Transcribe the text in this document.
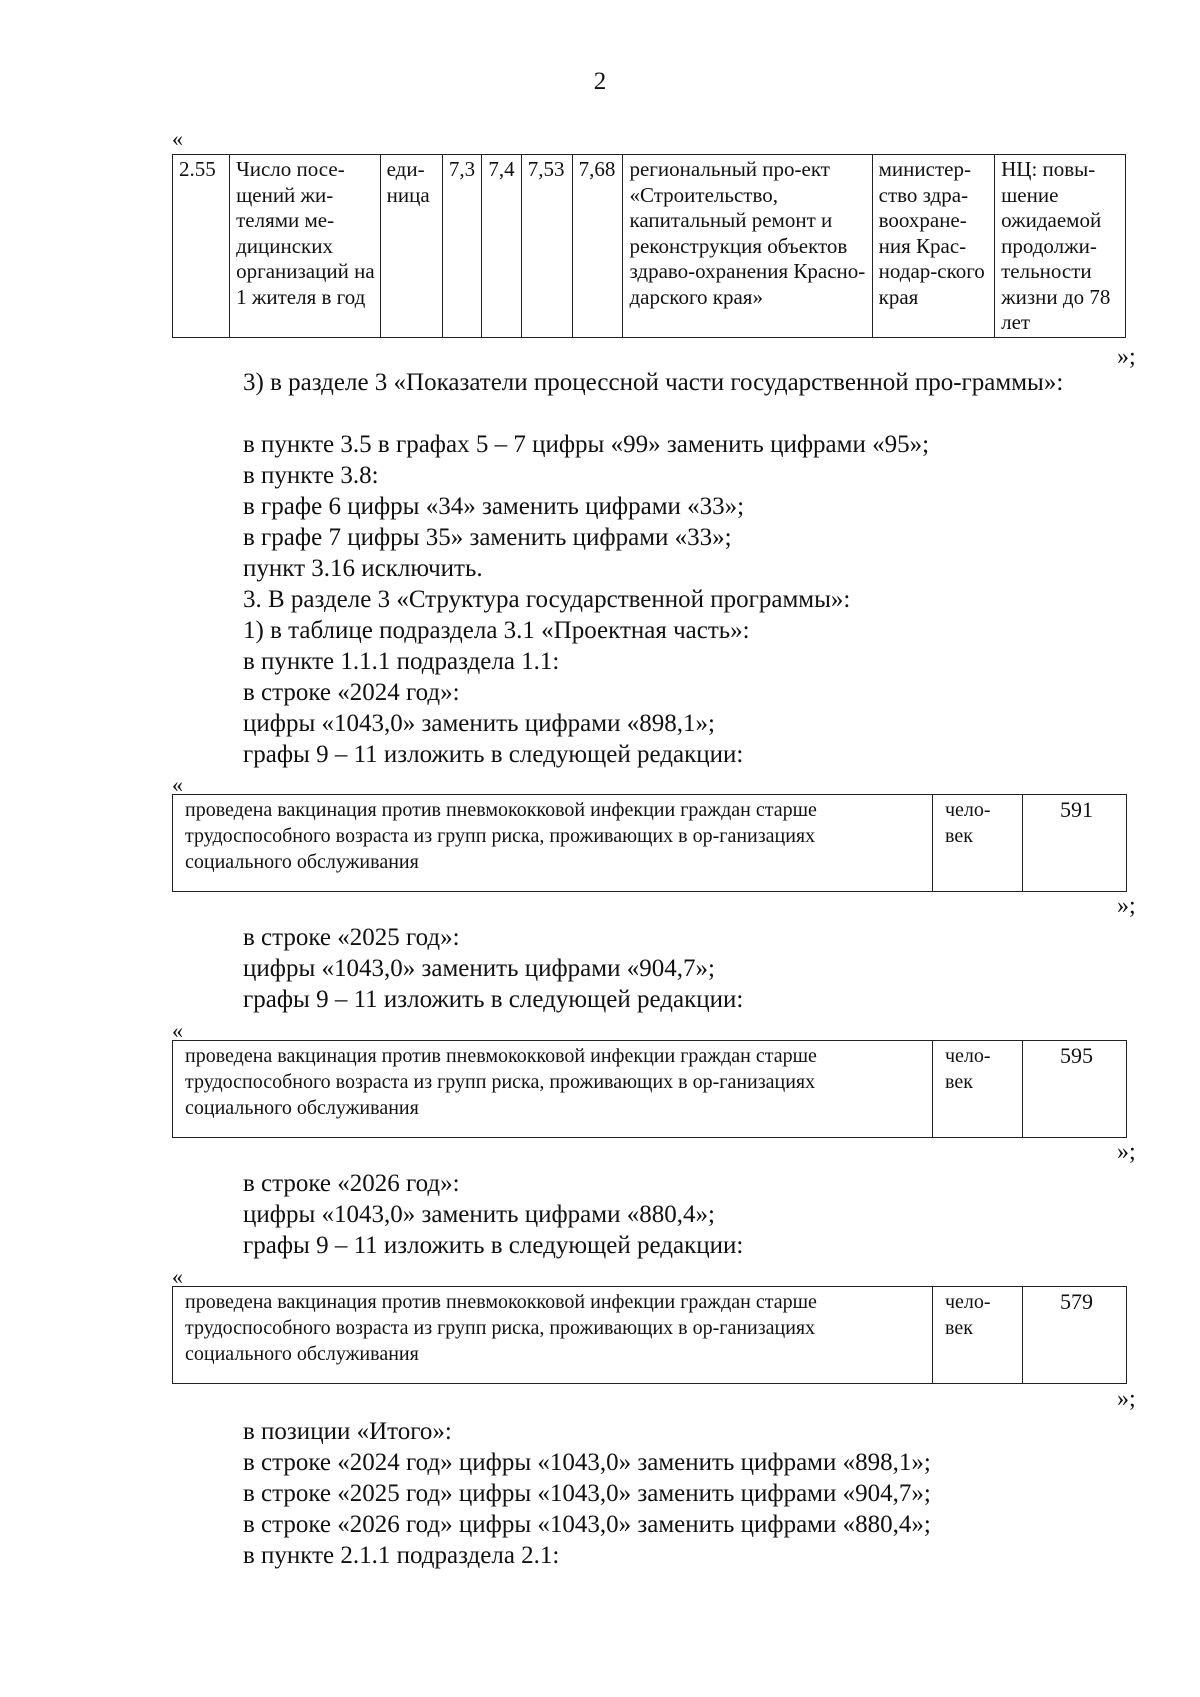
2
«
2.55	Число посе-щений жи-телями ме-дицинских организаций на 1 жителя в год	еди-ница	7,3	7,4	7,53	7,68	региональный про-ект «Строительство, капитальный ремонт и реконструкция объектов здраво-охранения Красно-дарского края»	министер-ство здра-воохране-ния Крас-нодар-ского края	НЦ: повы-шение ожидаемой продолжи-тельности жизни до 78 лет
»;
3) в разделе 3 «Показатели процессной части государственной про-граммы»:
в пункте 3.5 в графах 5 – 7 цифры «99» заменить цифрами «95»;
в пункте 3.8:
в графе 6 цифры «34» заменить цифрами «33»;
в графе 7 цифры 35» заменить цифрами «33»;
пункт 3.16 исключить.
3. В разделе 3 «Структура государственной программы»:
1) в таблице подраздела 3.1 «Проектная часть»:
в пункте 1.1.1 подраздела 1.1:
в строке «2024 год»:
цифры «1043,0» заменить цифрами «898,1»;
графы 9 – 11 изложить в следующей редакции:
«
проведена вакцинация против пневмококковой инфекции граждан старше трудоспособного возраста из групп риска, проживающих в ор-ганизациях социального обслуживания	чело-век	591
»;
в строке «2025 год»:
цифры «1043,0» заменить цифрами «904,7»;
графы 9 – 11 изложить в следующей редакции:
«
проведена вакцинация против пневмококковой инфекции граждан старше трудоспособного возраста из групп риска, проживающих в ор-ганизациях социального обслуживания	чело-век	595
»;
в строке «2026 год»:
цифры «1043,0» заменить цифрами «880,4»;
графы 9 – 11 изложить в следующей редакции:
«
проведена вакцинация против пневмококковой инфекции граждан старше трудоспособного возраста из групп риска, проживающих в ор-ганизациях социального обслуживания	чело-век	579
»;
в позиции «Итого»:
в строке «2024 год» цифры «1043,0» заменить цифрами «898,1»;
в строке «2025 год» цифры «1043,0» заменить цифрами «904,7»;
в строке «2026 год» цифры «1043,0» заменить цифрами «880,4»;
в пункте 2.1.1 подраздела 2.1:
